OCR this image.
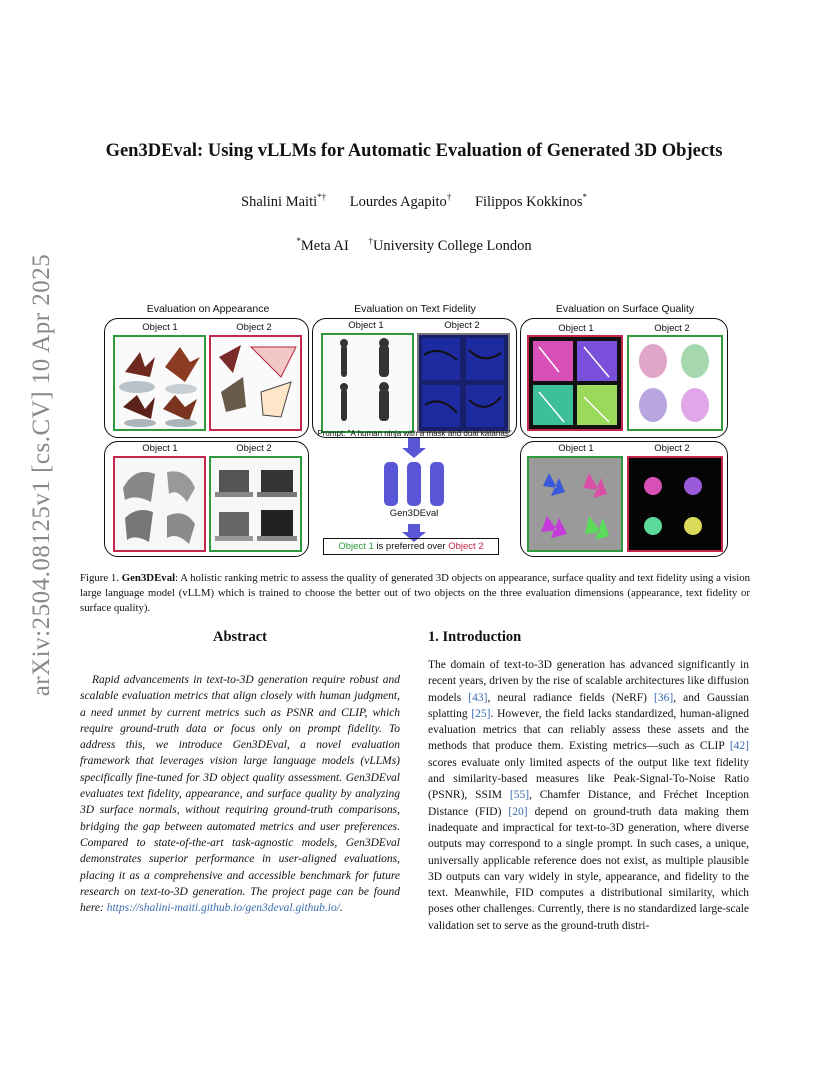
arXiv:2504.08125v1 [cs.CV] 10 Apr 2025
Gen3DEval: Using vLLMs for Automatic Evaluation of Generated 3D Objects
Shalini Maiti*† Lourdes Agapito† Filippos Kokkinos*
*Meta AI †University College London
Evaluation on Appearance	Evaluation on Text Fidelity	Evaluation on Surface Quality
Object 1	Object 2	Object 1	Object 2
Prompt: "A human ninja with a mask and dual katanas"
Object 1	Object 2
Object 1	Object 2
Gen3DEval
Object 1 is preferred over Object 2
Object 1	Object 2
Figure 1. Gen3DEval: A holistic ranking metric to assess the quality of generated 3D objects on appearance, surface quality and text fidelity using a vision large language model (vLLM) which is trained to choose the better out of two objects on the three evaluation dimensions (appearance, text fidelity or surface quality).
Abstract
Rapid advancements in text-to-3D generation require robust and scalable evaluation metrics that align closely with human judgment, a need unmet by current metrics such as PSNR and CLIP, which require ground-truth data or focus only on prompt fidelity. To address this, we introduce Gen3DEval, a novel evaluation framework that leverages vision large language models (vLLMs) specifically fine-tuned for 3D object quality assessment. Gen3DEval evaluates text fidelity, appearance, and surface quality by analyzing 3D surface normals, without requiring ground-truth comparisons, bridging the gap between automated metrics and user preferences. Compared to state-of-the-art task-agnostic models, Gen3DEval demonstrates superior performance in user-aligned evaluations, placing it as a comprehensive and accessible benchmark for future research on text-to-3D generation. The project page can be found here: https://shalini-maiti.github.io/gen3deval.github.io/.
1. Introduction
The domain of text-to-3D generation has advanced significantly in recent years, driven by the rise of scalable architectures like diffusion models [43], neural radiance fields (NeRF) [36], and Gaussian splatting [25]. However, the field lacks standardized, human-aligned evaluation metrics that can reliably assess these assets and the methods that produce them. Existing metrics—such as CLIP [42] scores evaluate only limited aspects of the output like text fidelity and similarity-based measures like Peak-Signal-To-Noise Ratio (PSNR), SSIM [55], Chamfer Distance, and Fréchet Inception Distance (FID) [20] depend on ground-truth data making them inadequate and impractical for text-to-3D generation, where diverse outputs may correspond to a single prompt. In such cases, a unique, universally applicable reference does not exist, as multiple plausible 3D outputs can vary widely in style, appearance, and fidelity to the text. Meanwhile, FID computes a distributional similarity, which poses other challenges. Currently, there is no standardized large-scale validation set to serve as the ground-truth distri-
